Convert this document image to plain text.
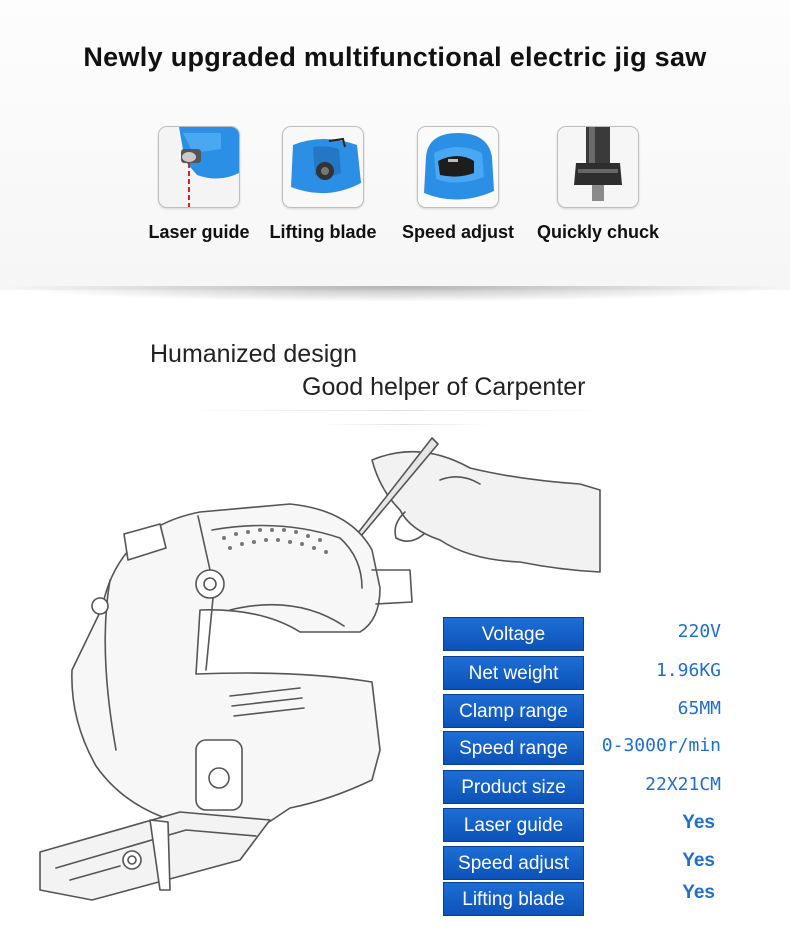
Newly upgraded multifunctional electric jig saw
Laser guide	Lifting blade	Speed adjust	Quickly chuck
Humanized design
Good helper of Carpenter
Voltage	220V
Net weight	1.96KG
Clamp range	65MM
Speed range	0-3000r/min
Product size	22X21CM
Laser guide	Yes
Speed adjust	Yes
Lifting blade	Yes
